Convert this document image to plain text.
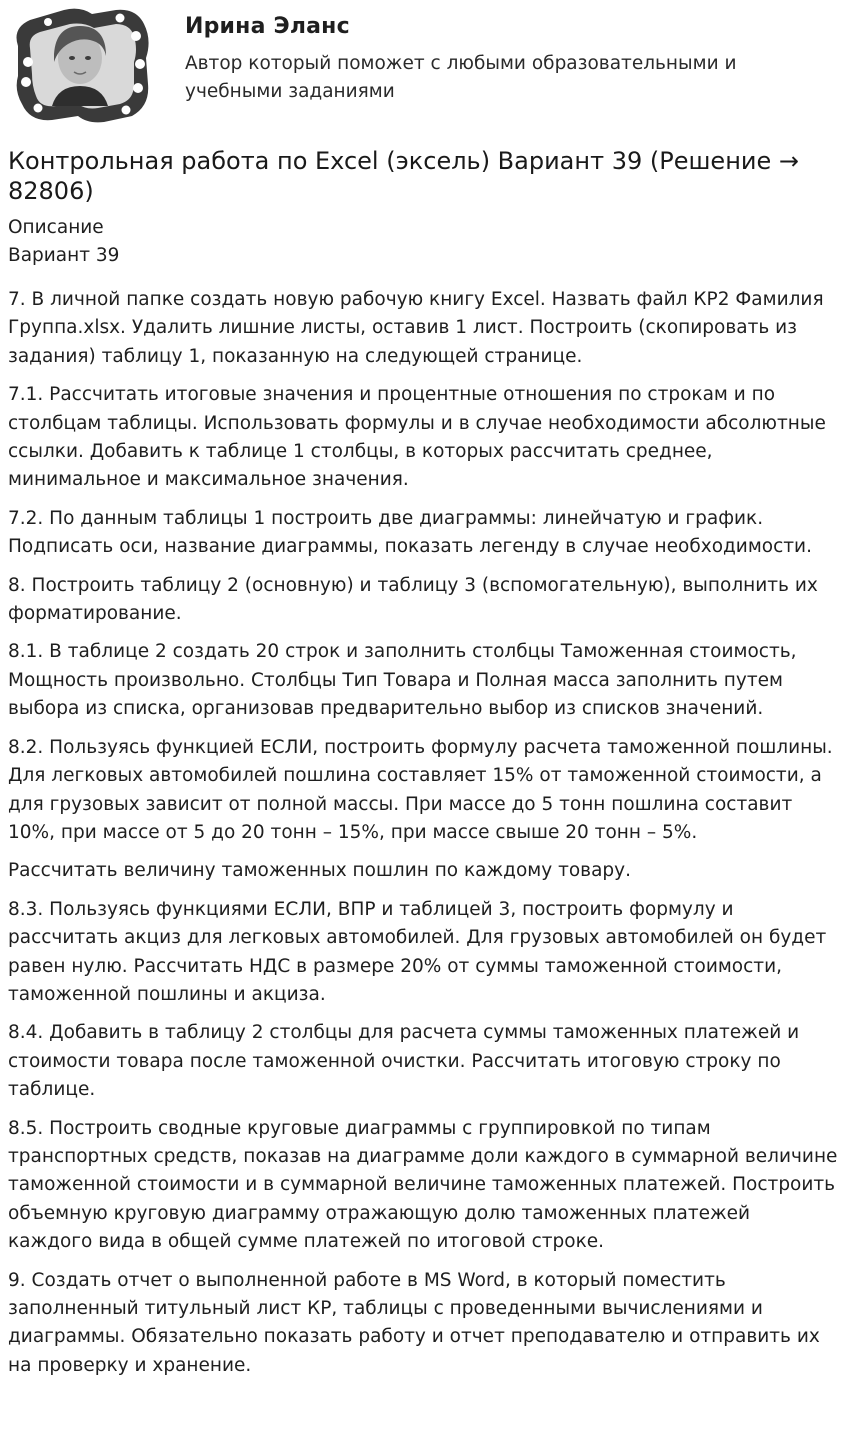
Ирина Эланс
Автор который поможет с любыми образовательными и учебными заданиями
Контрольная работа по Excel (эксель) Вариант 39 (Решение → 82806)
Описание
Вариант 39

7. В личной папке создать новую рабочую книгу Excel. Назвать файл КР2 Фамилия Группа.xlsx. Удалить лишние листы, оставив 1 лист. Построить (скопировать из задания) таблицу 1, показанную на следующей странице.

7.1. Рассчитать итоговые значения и процентные отношения по строкам и по столбцам таблицы. Использовать формулы и в случае необходимости абсолютные ссылки. Добавить к таблице 1 столбцы, в которых рассчитать среднее, минимальное и максимальное значения.

7.2. По данным таблицы 1 построить две диаграммы: линейчатую и график. Подписать оси, название диаграммы, показать легенду в случае необходимости.

8. Построить таблицу 2 (основную) и таблицу 3 (вспомогательную), выполнить их форматирование.

8.1. В таблице 2 создать 20 строк и заполнить столбцы Таможенная стоимость, Мощность произвольно. Столбцы Тип Товара и Полная масса заполнить путем выбора из списка, организовав предварительно выбор из списков значений.

8.2. Пользуясь функцией ЕСЛИ, построить формулу расчета таможенной пошлины. Для легковых автомобилей пошлина составляет 15% от таможенной стоимости, а для грузовых зависит от полной массы. При массе до 5 тонн пошлина составит 10%, при массе от 5 до 20 тонн – 15%, при массе свыше 20 тонн – 5%.

Рассчитать величину таможенных пошлин по каждому товару.

8.3. Пользуясь функциями ЕСЛИ, ВПР и таблицей 3, построить формулу и рассчитать акциз для легковых автомобилей. Для грузовых автомобилей он будет равен нулю. Рассчитать НДС в размере 20% от суммы таможенной стоимости, таможенной пошлины и акциза.

8.4. Добавить в таблицу 2 столбцы для расчета суммы таможенных платежей и стоимости товара после таможенной очистки. Рассчитать итоговую строку по таблице.

8.5. Построить сводные круговые диаграммы с группировкой по типам транспортных средств, показав на диаграмме доли каждого в суммарной величине таможенной стоимости и в суммарной величине таможенных платежей. Построить объемную круговую диаграмму отражающую долю таможенных платежей каждого вида в общей сумме платежей по итоговой строке.

9. Создать отчет о выполненной работе в MS Word, в который поместить заполненный титульный лист КР, таблицы с проведенными вычислениями и диаграммы. Обязательно показать работу и отчет преподавателю и отправить их на проверку и хранение.
